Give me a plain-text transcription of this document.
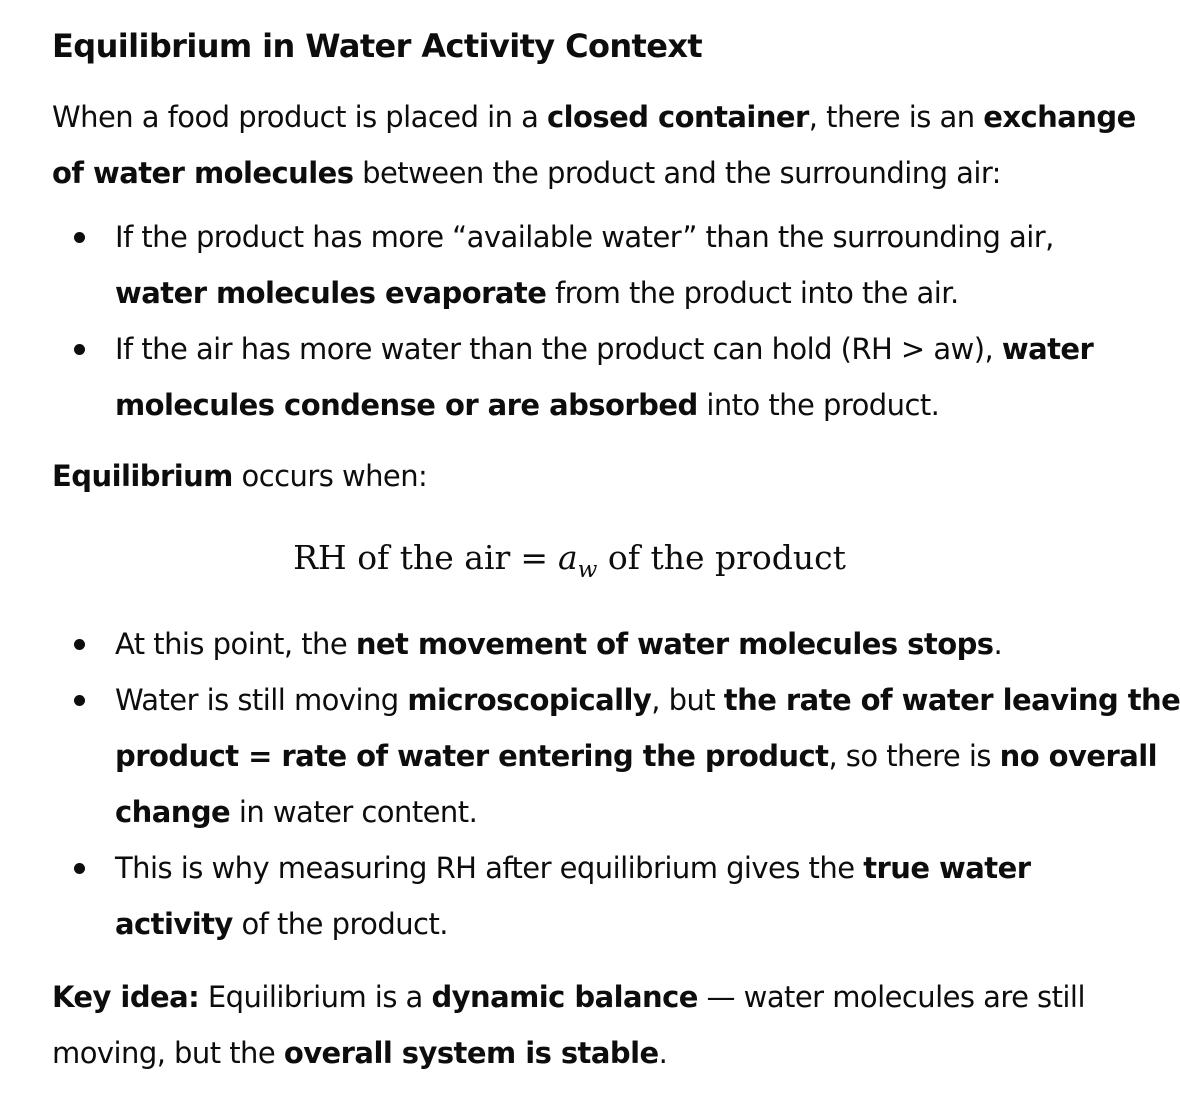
Equilibrium in Water Activity Context
When a food product is placed in a closed container, there is an exchange
of water molecules between the product and the surrounding air:
If the product has more “available water” than the surrounding air,
water molecules evaporate from the product into the air.
If the air has more water than the product can hold (RH > aw), water
molecules condense or are absorbed into the product.
Equilibrium occurs when:
RH of the air = $a_w$ of the product
At this point, the net movement of water molecules stops.
Water is still moving microscopically, but the rate of water leaving the
product = rate of water entering the product, so there is no overall
change in water content.
This is why measuring RH after equilibrium gives the true water
activity of the product.
Key idea: Equilibrium is a dynamic balance — water molecules are still
moving, but the overall system is stable.
